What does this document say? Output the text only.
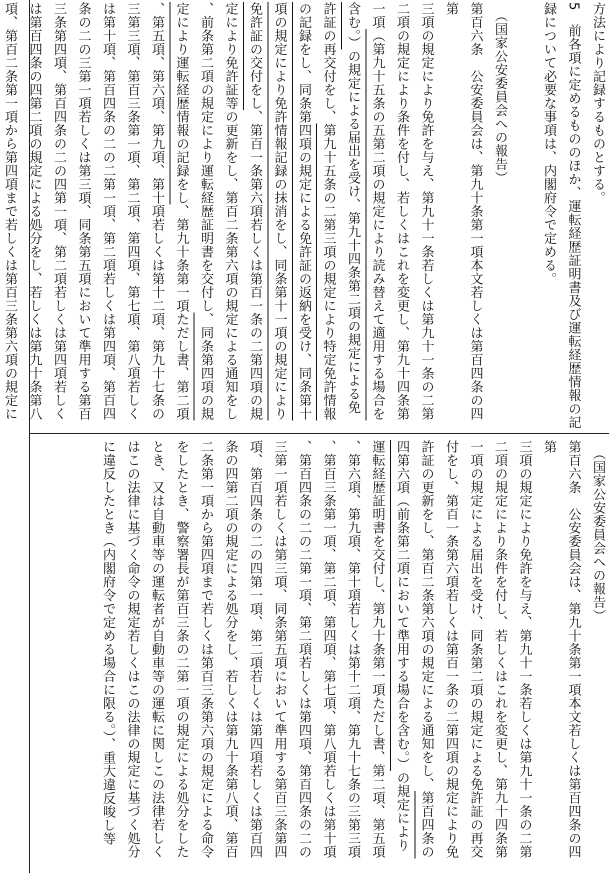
方法により記録するものとする。
5　前各項に定めるもののほか、運転経歴証明書及び運転経歴情報の記
録について必要な事項は、内閣府令で定める。

　（国家公安委員会への報告）
第百六条　公安委員会は、第九十条第一項本文若しくは第百四条の四第
三項の規定により免許を与え、第九十一条若しくは第九十一条の二第
二項の規定により条件を付し、若しくはこれを変更し、第九十四条第
一項（第九十五条の五第二項の規定により読み替えて適用する場合を
含む。）の規定による届出を受け、第九十四条第二項の規定による免
許証の再交付をし、第九十五条の二第三項の規定により特定免許情報
の記録をし、同条第四項の規定による免許証の返納を受け、同条第十
項の規定により免許情報記録の抹消をし、同条第十一項の規定により
免許証の交付をし、第百一条第六項若しくは第百一条の二第四項の規
定により免許証等の更新をし、第百二条第六項の規定による通知をし
、前条第二項の規定により運転経歴証明書を交付し、同条第四項の規
定により運転経歴情報の記録をし、第九十条第一項ただし書、第二項
、第五項、第六項、第九項、第十項若しくは第十二項、第九十七条の
三第三項、第百三条第一項、第二項、第四項、第七項、第八項若しく
は第十項、第百四条の二の二第一項、第二項若しくは第四項、第百四
条の二の三第一項若しくは第三項、同条第五項において準用する第百
三条第四項、第百四条の二の四第一項、第二項若しくは第四項若しく
は第百四条の四第二項の規定による処分をし、若しくは第九十条第八
項、第百二条第一項から第四項まで若しくは第百三条第六項の規定に
　（国家公安委員会への報告）
第百六条　公安委員会は、第九十条第一項本文若しくは第百四条の四第
三項の規定により免許を与え、第九十一条若しくは第九十一条の二第
二項の規定により条件を付し、若しくはこれを変更し、第九十四条第
一項の規定による届出を受け、同条第二項の規定による免許証の再交
付をし、第百一条第六項若しくは第百一条の二第四項の規定により免
許証の更新をし、第百二条第六項の規定による通知をし、第百四条の
四第六項（前条第二項において準用する場合を含む。）の規定により
運転経歴証明書を交付し、第九十条第一項ただし書、第二項、第五項
、第六項、第九項、第十項若しくは第十二項、第九十七条の三第三項
、第百三条第一項、第二項、第四項、第七項、第八項若しくは第十項
、第百四条の二の二第一項、第二項若しくは第四項、第百四条の二の
三第一項若しくは第三項、同条第五項において準用する第百三条第四
項、第百四条の二の四第一項、第二項若しくは第四項若しくは第百四
条の四第二項の規定による処分をし、若しくは第九十条第八項、第百
二条第一項から第四項まで若しくは第百三条第六項の規定による命令
をしたとき、警察署長が第百三条の二第一項の規定による処分をした
とき、又は自動車等の運転者が自動車等の運転に関しこの法律若しく
はこの法律に基づく命令の規定若しくはこの法律の規定に基づく処分
に違反したとき（内閣府令で定める場合に限る。）、重大違反唆し等
